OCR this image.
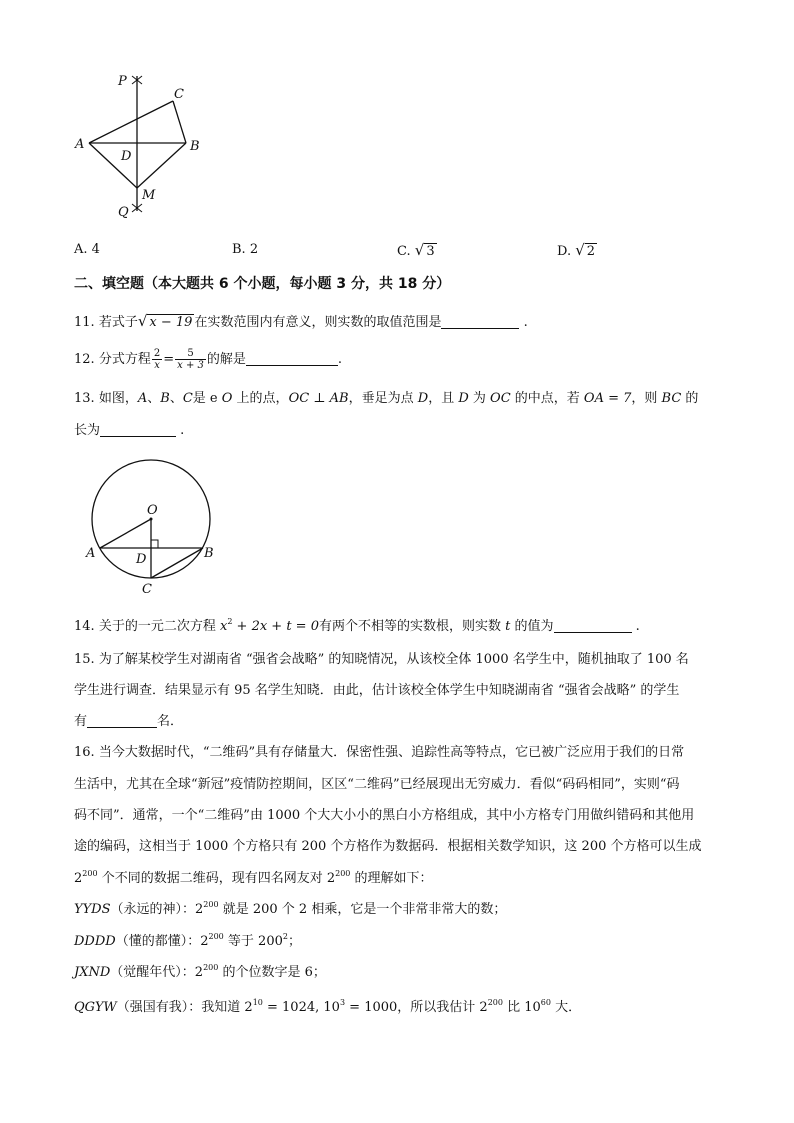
P
C
A	B
D
M
Q
A. 4	B. 2	C. √ 3	D. √ 2
二、填空题（本大题共 6 个小题，每小题 3 分，共 18 分）
11. 若式子√ x − 19 在实数范围内有意义，则实数的取值范围是	.
12. 分式方程 $\frac{2}{x} = \frac{5}{x + 3}$ 的解是	.
13. 如图，A、B、C是 e O 上的点，OC ⊥ AB，垂足为点 D，且 D 为 OC 的中点，若 OA = 7，则 BC 的
长为	.
O
A	B
D
C
14. 关于的一元二次方程 $x^2 + 2x + t = 0$有两个不相等的实数根，则实数 t 的值为	.
15. 为了解某校学生对湖南省 “强省会战略” 的知晓情况，从该校全体 1000 名学生中，随机抽取了 100 名
学生进行调查．结果显示有 95 名学生知晓．由此，估计该校全体学生中知晓湖南省 “强省会战略” 的学生
有	名．
16. 当今大数据时代，“二维码”具有存储量大．保密性强、追踪性高等特点，它已被广泛应用于我们的日常
生活中，尤其在全球“新冠”疫情防控期间，区区“二维码”已经展现出无穷威力．看似“码码相同”，实则“码
码不同”．通常，一个“二维码”由 1000 个大大小小的黑白小方格组成，其中小方格专门用做纠错码和其他用
途的编码，这相当于 1000 个方格只有 200 个方格作为数据码．根据相关数学知识，这 200 个方格可以生成
$2^{200}$ 个不同的数据二维码，现有四名网友对 $2^{200}$ 的理解如下：
YYDS（永远的神）：$2^{200}$ 就是 200 个 2 相乘，它是一个非常非常大的数；
DDDD（懂的都懂）：$2^{200}$ 等于 $200^2$；
JXND（觉醒年代）：$2^{200}$ 的个位数字是 6；
QGYW（强国有我）：我知道 $2^{10} = 1024$, $10^3 = 1000$，所以我估计 $2^{200}$ 比 $10^{60}$ 大．
